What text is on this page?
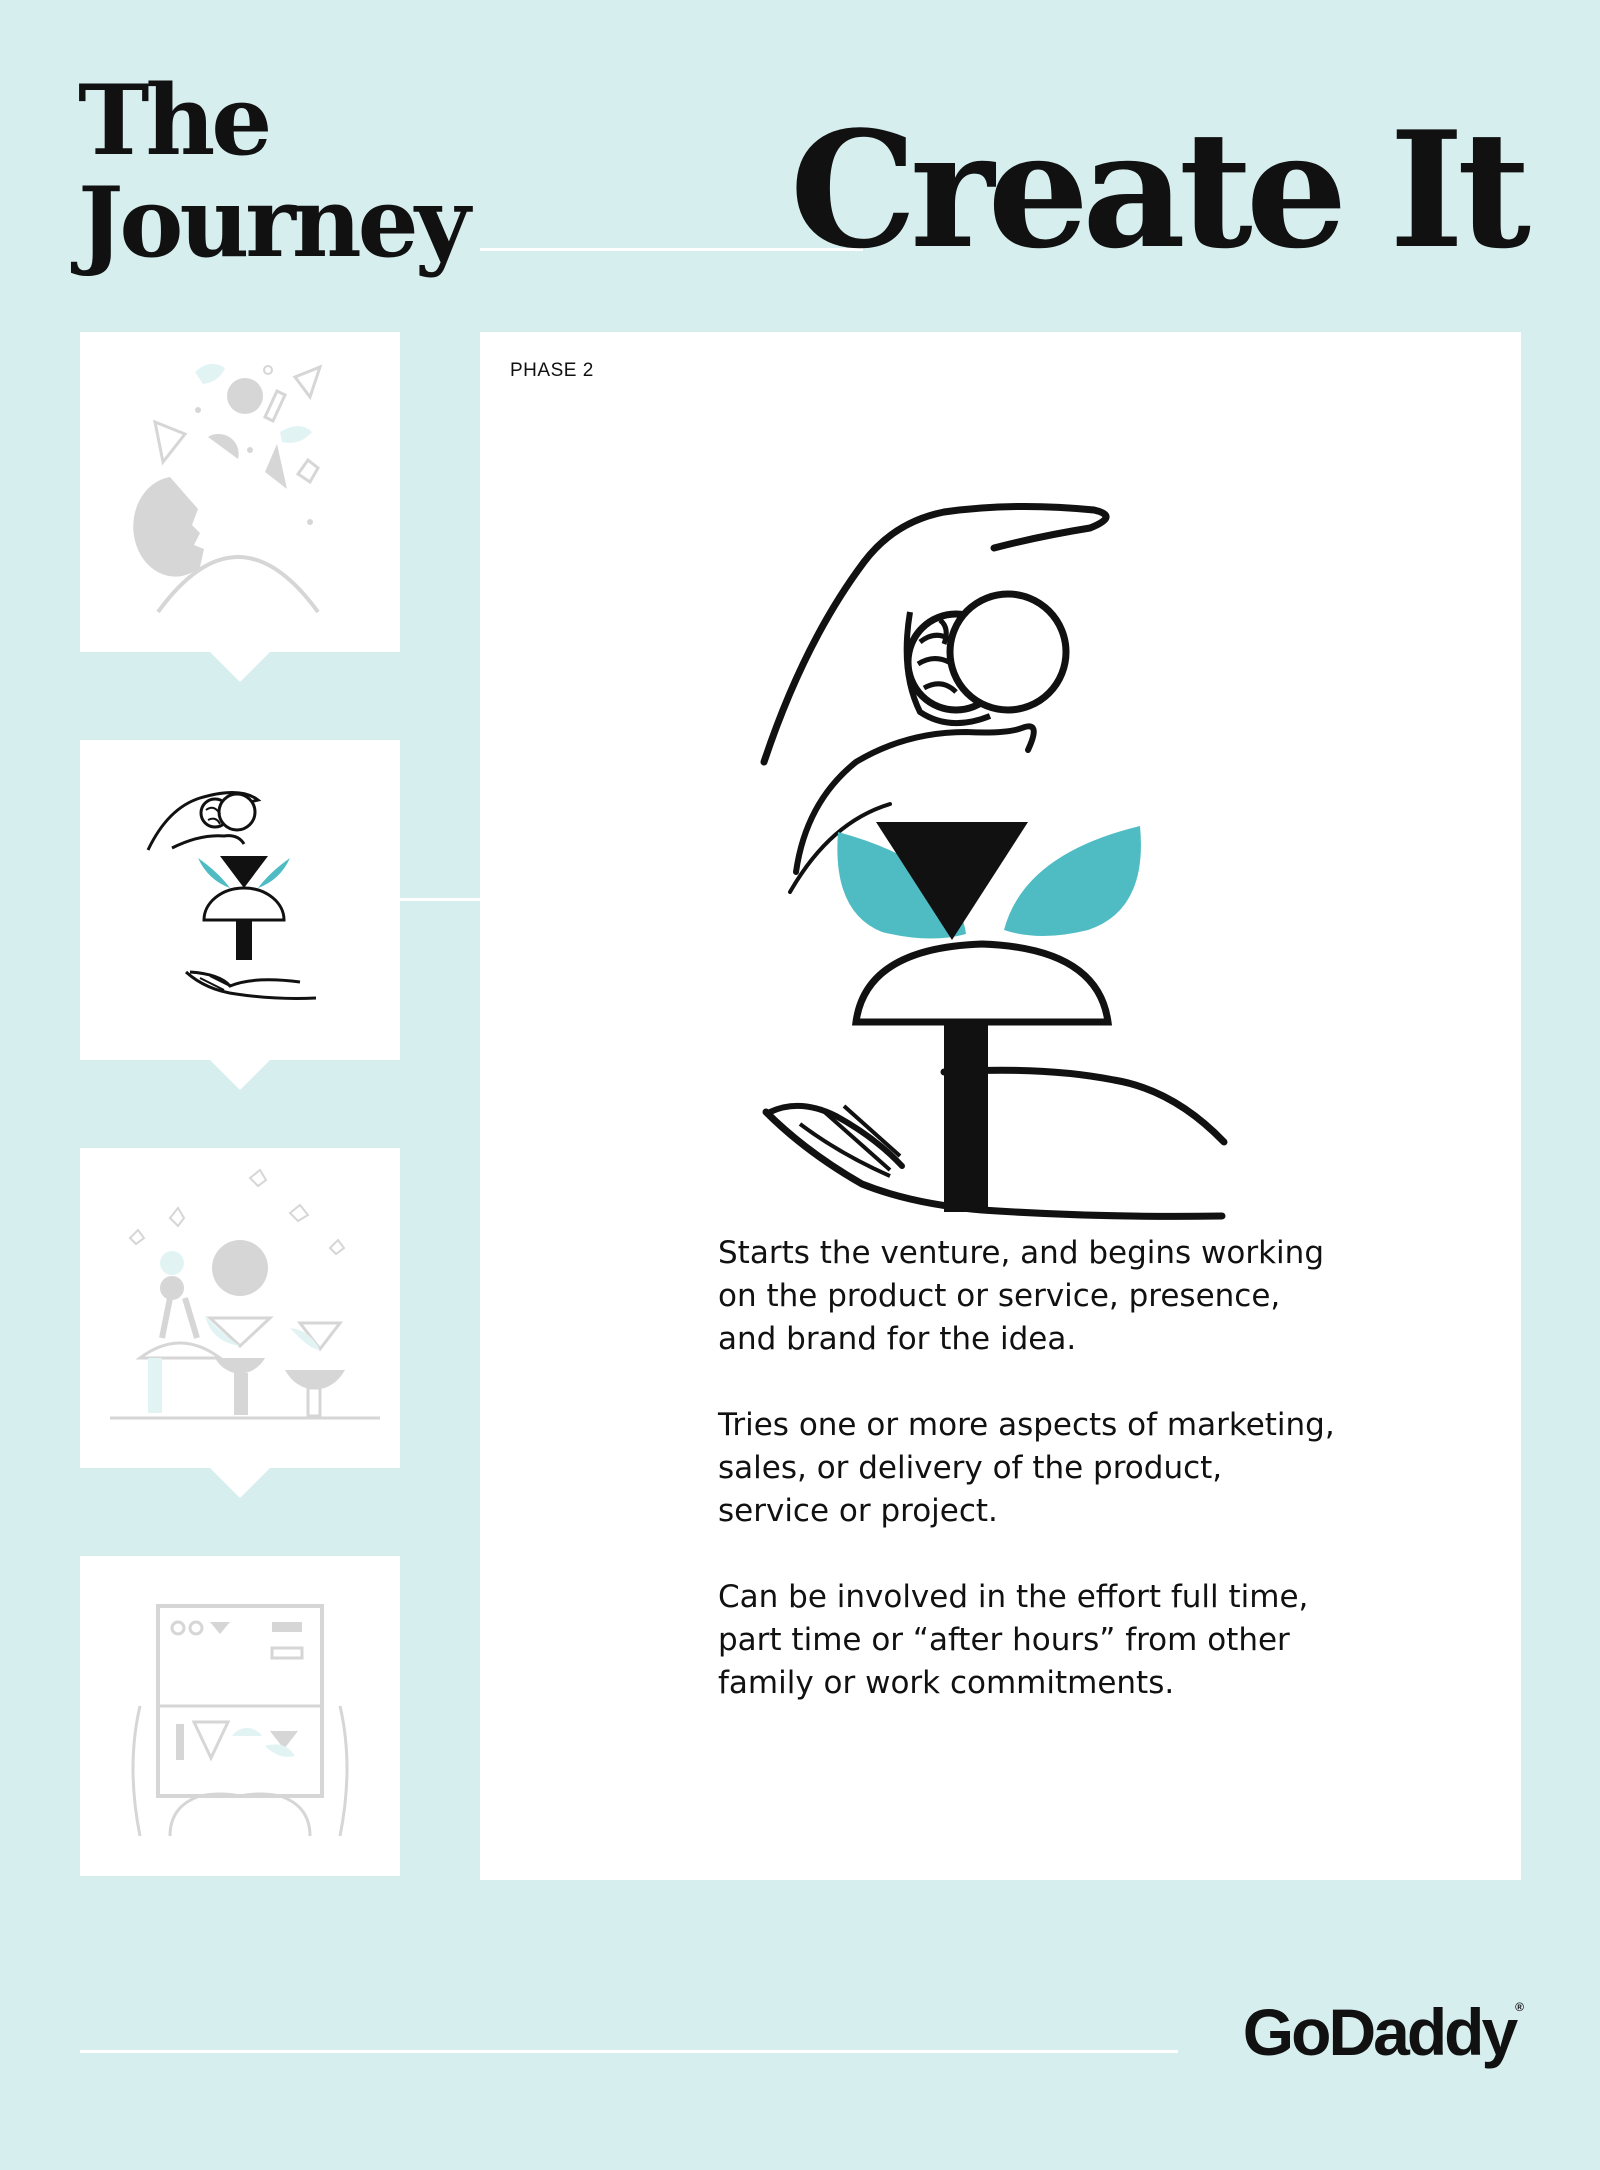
The
Journey Create It
PHASE 2

Starts the venture, and begins working on the product or service, presence, and brand for the idea.

Tries one or more aspects of marketing, sales, or delivery of the product, service or project.

Can be involved in the effort full time, part time or “after hours” from other family or work commitments.

GoDaddy®
